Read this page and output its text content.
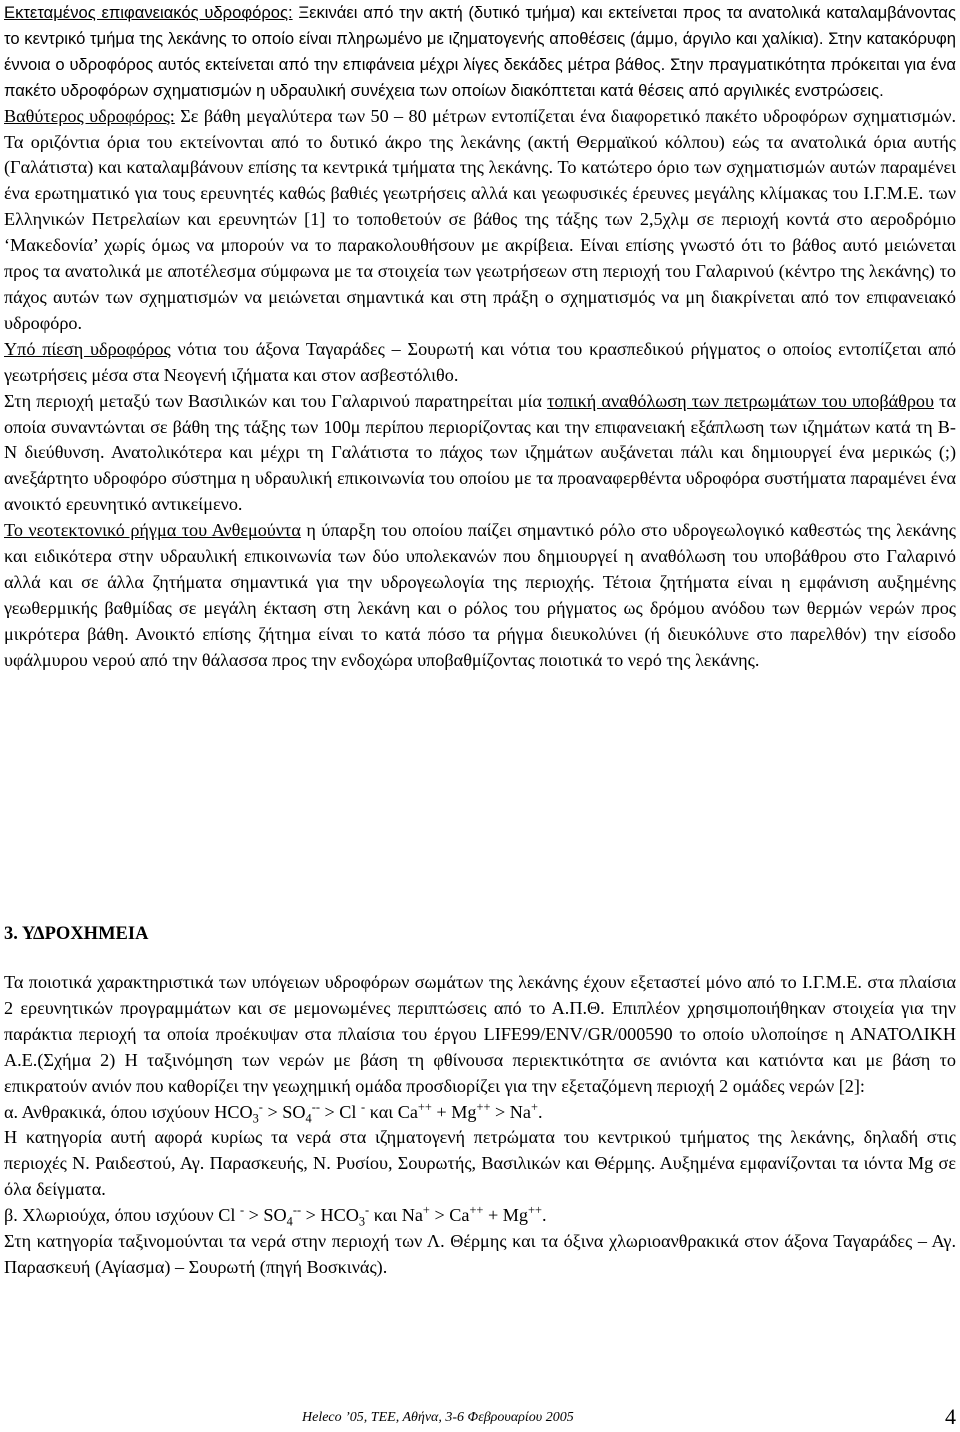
Εκτεταμένος επιφανειακός υδροφόρος: Ξεκινάει από την ακτή (δυτικό τμήμα) και εκτείνεται προς τα ανατολικά καταλαμβάνοντας το κεντρικό τμήμα της λεκάνης το οποίο είναι πληρωμένο με ιζηματογενής αποθέσεις (άμμο, άργιλο και χαλίκια). Στην κατακόρυφη έννοια ο υδροφόρος αυτός εκτείνεται από την επιφάνεια μέχρι λίγες δεκάδες μέτρα βάθος. Στην πραγματικότητα πρόκειται για ένα πακέτο υδροφόρων σχηματισμών η υδραυλική συνέχεια των οποίων διακόπτεται κατά θέσεις από αργιλικές ενστρώσεις.

Βαθύτερος υδροφόρος: Σε βάθη μεγαλύτερα των 50 – 80 μέτρων εντοπίζεται ένα διαφορετικό πακέτο υδροφόρων σχηματισμών. Τα οριζόντια όρια του εκτείνονται από το δυτικό άκρο της λεκάνης (ακτή Θερμαϊκού κόλπου) εώς τα ανατολικά όρια αυτής (Γαλάτιστα) και καταλαμβάνουν επίσης τα κεντρικά τμήματα της λεκάνης. Το κατώτερο όριο των σχηματισμών αυτών παραμένει ένα ερωτηματικό για τους ερευνητές καθώς βαθιές γεωτρήσεις αλλά και γεωφυσικές έρευνες μεγάλης κλίμακας του Ι.Γ.Μ.Ε. των Ελληνικών Πετρελαίων και ερευνητών [1] το τοποθετούν σε βάθος της τάξης των 2,5χλμ σε περιοχή κοντά στο αεροδρόμιο ‘Μακεδονία’ χωρίς όμως να μπορούν να το παρακολουθήσουν με ακρίβεια. Είναι επίσης γνωστό ότι το βάθος αυτό μειώνεται προς τα ανατολικά με αποτέλεσμα σύμφωνα με τα στοιχεία των γεωτρήσεων στη περιοχή του Γαλαρινού (κέντρο της λεκάνης) το πάχος αυτών των σχηματισμών να μειώνεται σημαντικά και στη πράξη ο σχηματισμός να μη διακρίνεται από τον επιφανειακό υδροφόρο.

Υπό πίεση υδροφόρος νότια του άξονα Ταγαράδες – Σουρωτή και νότια του κρασπεδικού ρήγματος ο οποίος εντοπίζεται από γεωτρήσεις μέσα στα Νεογενή ιζήματα και στον ασβεστόλιθο.

Στη περιοχή μεταξύ των Βασιλικών και του Γαλαρινού παρατηρείται μία τοπική αναθόλωση των πετρωμάτων του υποβάθρου τα οποία συναντώνται σε βάθη της τάξης των 100μ περίπου περιορίζοντας και την επιφανειακή εξάπλωση των ιζημάτων κατά τη Β-Ν διεύθυνση. Ανατολικότερα και μέχρι τη Γαλάτιστα το πάχος των ιζημάτων αυξάνεται πάλι και δημιουργεί ένα μερικώς (;) ανεξάρτητο υδροφόρο σύστημα η υδραυλική επικοινωνία του οποίου με τα προαναφερθέντα υδροφόρα συστήματα παραμένει ένα ανοικτό ερευνητικό αντικείμενο.

Το νεοτεκτονικό ρήγμα του Ανθεμούντα η ύπαρξη του οποίου παίζει σημαντικό ρόλο στο υδρογεωλογικό καθεστώς της λεκάνης και ειδικότερα στην υδραυλική επικοινωνία των δύο υπολεκανών που δημιουργεί η αναθόλωση του υποβάθρου στο Γαλαρινό αλλά και σε άλλα ζητήματα σημαντικά για την υδρογεωλογία της περιοχής. Τέτοια ζητήματα είναι η εμφάνιση αυξημένης γεωθερμικής βαθμίδας σε μεγάλη έκταση στη λεκάνη και ο ρόλος του ρήγματος ως δρόμου ανόδου των θερμών νερών προς μικρότερα βάθη. Ανοικτό επίσης ζήτημα είναι το κατά πόσο τα ρήγμα διευκολύνει (ή διευκόλυνε στο παρελθόν) την είσοδο υφάλμυρου νερού από την θάλασσα προς την ενδοχώρα υποβαθμίζοντας ποιοτικά το νερό της λεκάνης.

3. ΥΔΡΟΧΗΜΕΙΑ

Τα ποιοτικά χαρακτηριστικά των υπόγειων υδροφόρων σωμάτων της λεκάνης έχουν εξεταστεί μόνο από το Ι.Γ.Μ.Ε. στα πλαίσια 2 ερευνητικών προγραμμάτων και σε μεμονωμένες περιπτώσεις από το Α.Π.Θ. Επιπλέον χρησιμοποιήθηκαν στοιχεία για την παράκτια περιοχή τα οποία προέκυψαν στα πλαίσια του έργου LIFE99/ENV/GR/000590 το οποίο υλοποίησε η ΑΝΑΤΟΛΙΚΗ Α.Ε.(Σχήμα 2) Η ταξινόμηση των νερών με βάση τη φθίνουσα περιεκτικότητα σε ανιόντα και κατιόντα και με βάση το επικρατούν ανιόν που καθορίζει την γεωχημική ομάδα προσδιορίζει για την εξεταζόμενη περιοχή 2 ομάδες νερών [2]:

α. Ανθρακικά, όπου ισχύουν $HCO_3^- > SO_4^{--} > Cl$ - και Ca++ + Mg++ > Na+.

Η κατηγορία αυτή αφορά κυρίως τα νερά στα ιζηματογενή πετρώματα του κεντρικού τμήματος της λεκάνης, δηλαδή στις περιοχές Ν. Ραιδεστού, Αγ. Παρασκευής, Ν. Ρυσίου, Σουρωτής, Βασιλικών και Θέρμης. Αυξημένα εμφανίζονται τα ιόντα Mg σε όλα δείγματα.

β. Χλωριούχα, όπου ισχύουν Cl $^- > SO_4^{--} > HCO_3^-$ και Na+ > Ca++ + Mg++.

Στη κατηγορία ταξινομούνται τα νερά στην περιοχή των Λ. Θέρμης και τα όξινα χλωριοανθρακικά στον άξονα Ταγαράδες – Αγ. Παρασκευή (Αγίασμα) – Σουρωτή (πηγή Βοσκινάς).

Heleco ’05, ΤΕΕ, Αθήνα, 3-6 Φεβρουαρίου 2005	4
